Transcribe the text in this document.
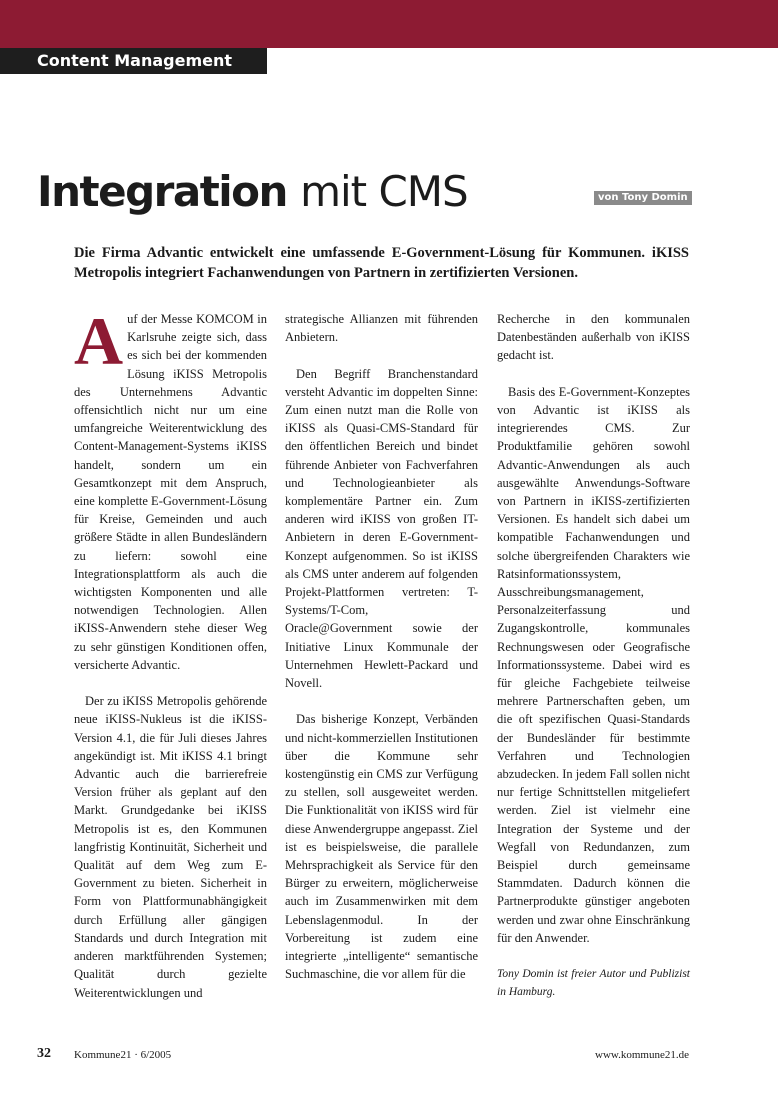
Content Management
Integration mit CMS	von Tony Domin

Die Firma Advantic entwickelt eine umfassende E-Government-Lösung für Kommunen. iKISS Metropolis integriert Fachanwendungen von Partnern in zertifizierten Versionen.

Auf der Messe KOMCOM in Karlsruhe zeigte sich, dass es sich bei der kommenden Lösung iKISS Metropolis des Unternehmens Advantic offensichtlich nicht nur um eine umfangreiche Weiterentwicklung des Content-Management-Systems iKISS handelt, sondern um ein Gesamtkonzept mit dem Anspruch, eine komplette E-Government-Lösung für Kreise, Gemeinden und auch größere Städte in allen Bundesländern zu liefern: sowohl eine Integrationsplattform als auch die wichtigsten Komponenten und alle notwendigen Technologien. Allen iKISS-Anwendern stehe dieser Weg zu sehr günstigen Konditionen offen, versicherte Advantic.

Der zu iKISS Metropolis gehörende neue iKISS-Nukleus ist die iKISS-Version 4.1, die für Juli dieses Jahres angekündigt ist. Mit iKISS 4.1 bringt Advantic auch die barrierefreie Version früher als geplant auf den Markt. Grundgedanke bei iKISS Metropolis ist es, den Kommunen langfristig Kontinuität, Sicherheit und Qualität auf dem Weg zum E-Government zu bieten. Sicherheit in Form von Plattformunabhängigkeit durch Erfüllung aller gängigen Standards und durch Integration mit anderen marktführenden Systemen; Qualität durch gezielte Weiterentwicklungen und

strategische Allianzen mit führenden Anbietern.

Den Begriff Branchenstandard versteht Advantic im doppelten Sinne: Zum einen nutzt man die Rolle von iKISS als Quasi-CMS-Standard für den öffentlichen Bereich und bindet führende Anbieter von Fachverfahren und Technologieanbieter als komplementäre Partner ein. Zum anderen wird iKISS von großen IT-Anbietern in deren E-Government-Konzept aufgenommen. So ist iKISS als CMS unter anderem auf folgenden Projekt-Plattformen vertreten: T-Systems/T-Com, Oracle@Government sowie der Initiative Linux Kommunale der Unternehmen Hewlett-Packard und Novell.

Das bisherige Konzept, Verbänden und nicht-kommerziellen Institutionen über die Kommune sehr kostengünstig ein CMS zur Verfügung zu stellen, soll ausgeweitet werden. Die Funktionalität von iKISS wird für diese Anwendergruppe angepasst. Ziel ist es beispielsweise, die parallele Mehrsprachigkeit als Service für den Bürger zu erweitern, möglicherweise auch im Zusammenwirken mit dem Lebenslagenmodul. In der Vorbereitung ist zudem eine integrierte „intelligente“ semantische Suchmaschine, die vor allem für die

Recherche in den kommunalen Datenbeständen außerhalb von iKISS gedacht ist.

Basis des E-Government-Konzeptes von Advantic ist iKISS als integrierendes CMS. Zur Produktfamilie gehören sowohl Advantic-Anwendungen als auch ausgewählte Anwendungs-Software von Partnern in iKISS-zertifizierten Versionen. Es handelt sich dabei um kompatible Fachanwendungen und solche übergreifenden Charakters wie Ratsinformationssystem, Ausschreibungsmanagement, Personalzeiterfassung und Zugangskontrolle, kommunales Rechnungswesen oder Geografische Informationssysteme. Dabei wird es für gleiche Fachgebiete teilweise mehrere Partnerschaften geben, um die oft spezifischen Quasi-Standards der Bundesländer für bestimmte Verfahren und Technologien abzudecken. In jedem Fall sollen nicht nur fertige Schnittstellen mitgeliefert werden. Ziel ist vielmehr eine Integration der Systeme und der Wegfall von Redundanzen, zum Beispiel durch gemeinsame Stammdaten. Dadurch können die Partnerprodukte günstiger angeboten werden und zwar ohne Einschränkung für den Anwender.

Tony Domin ist freier Autor und Publizist in Hamburg.

32 Kommune21 · 6/2005	www.kommune21.de
